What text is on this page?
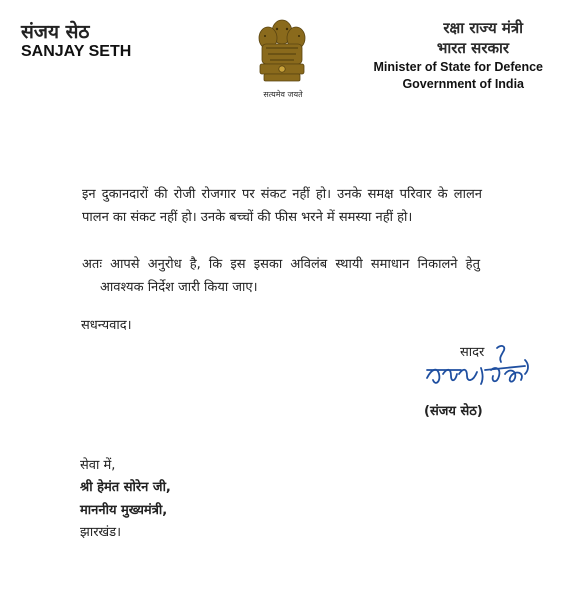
संजय सेठ
SANJAY SETH
सत्यमेव जयते
रक्षा राज्य मंत्री
भारत सरकार
Minister of State for Defence
Government of India
इन दुकानदारों की रोजी रोजगार पर संकट नहीं हो। उनके समक्ष परिवार के लालन पालन का संकट नहीं हो। उनके बच्चों की फीस भरने में समस्या नहीं हो।
अतः आपसे अनुरोध है, कि इस इसका अविलंब स्थायी समाधान निकालने हेतु आवश्यक निर्देश जारी किया जाए।
सधन्यवाद।
सादर
(संजय सेठ)
सेवा में,
श्री हेमंत सोरेन जी,
माननीय मुख्यमंत्री,
झारखंड।
